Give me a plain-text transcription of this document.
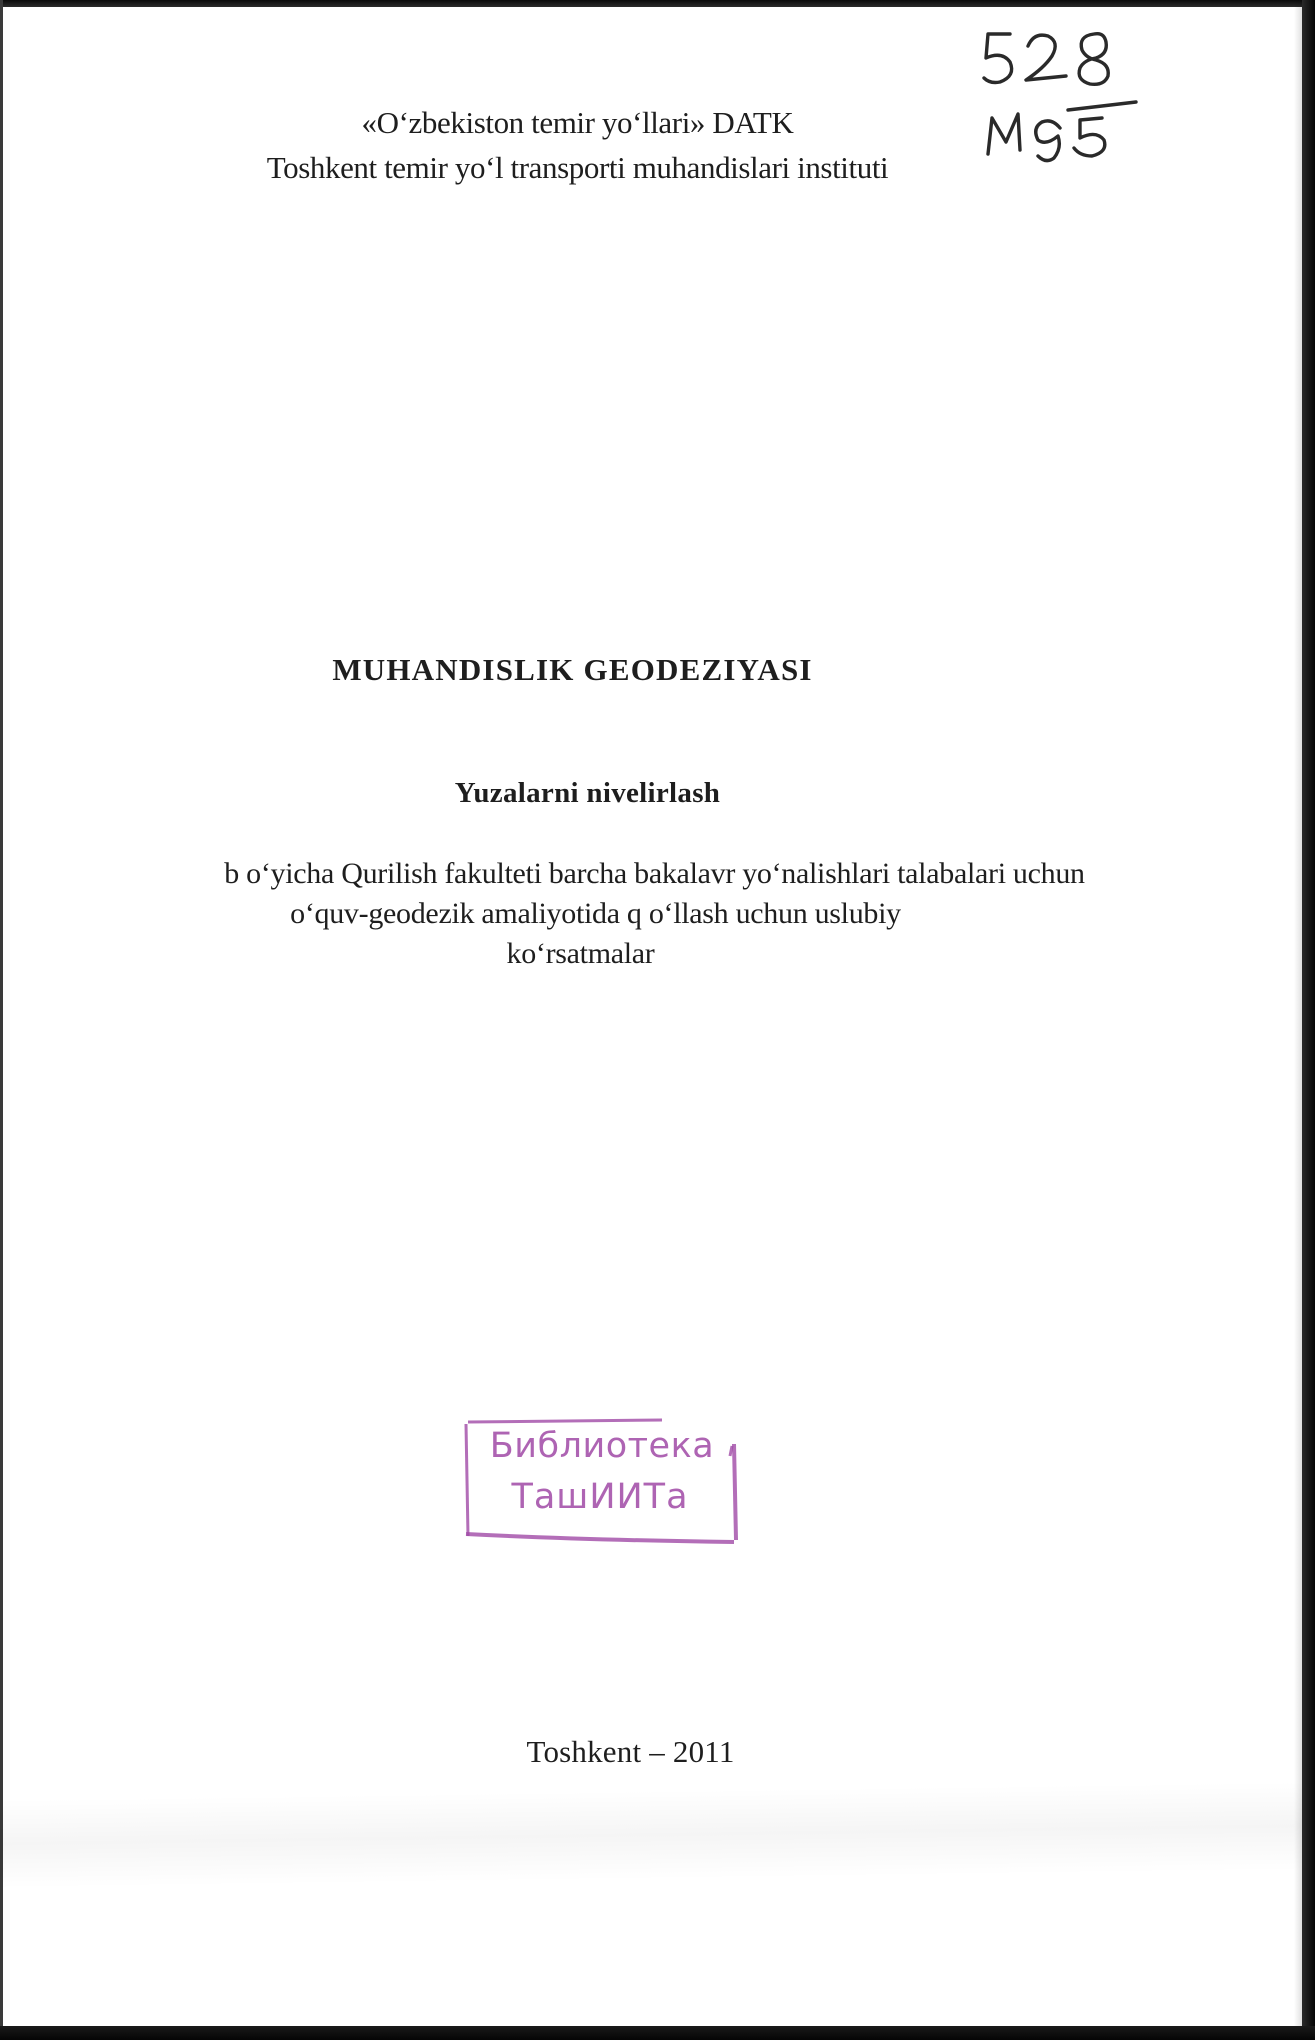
«O‘zbekiston temir yo‘llari» DATK
Toshkent temir yo‘l transporti muhandislari instituti
MUHANDISLIK GEODEZIYASI
Yuzalarni nivelirlash
b o‘yicha Qurilish fakulteti barcha bakalavr yo‘nalishlari talabalari uchun
o‘quv-geodezik amaliyotida q o‘llash uchun uslubiy
ko‘rsatmalar
Библиотека
ТашИИТа
Toshkent – 2011
